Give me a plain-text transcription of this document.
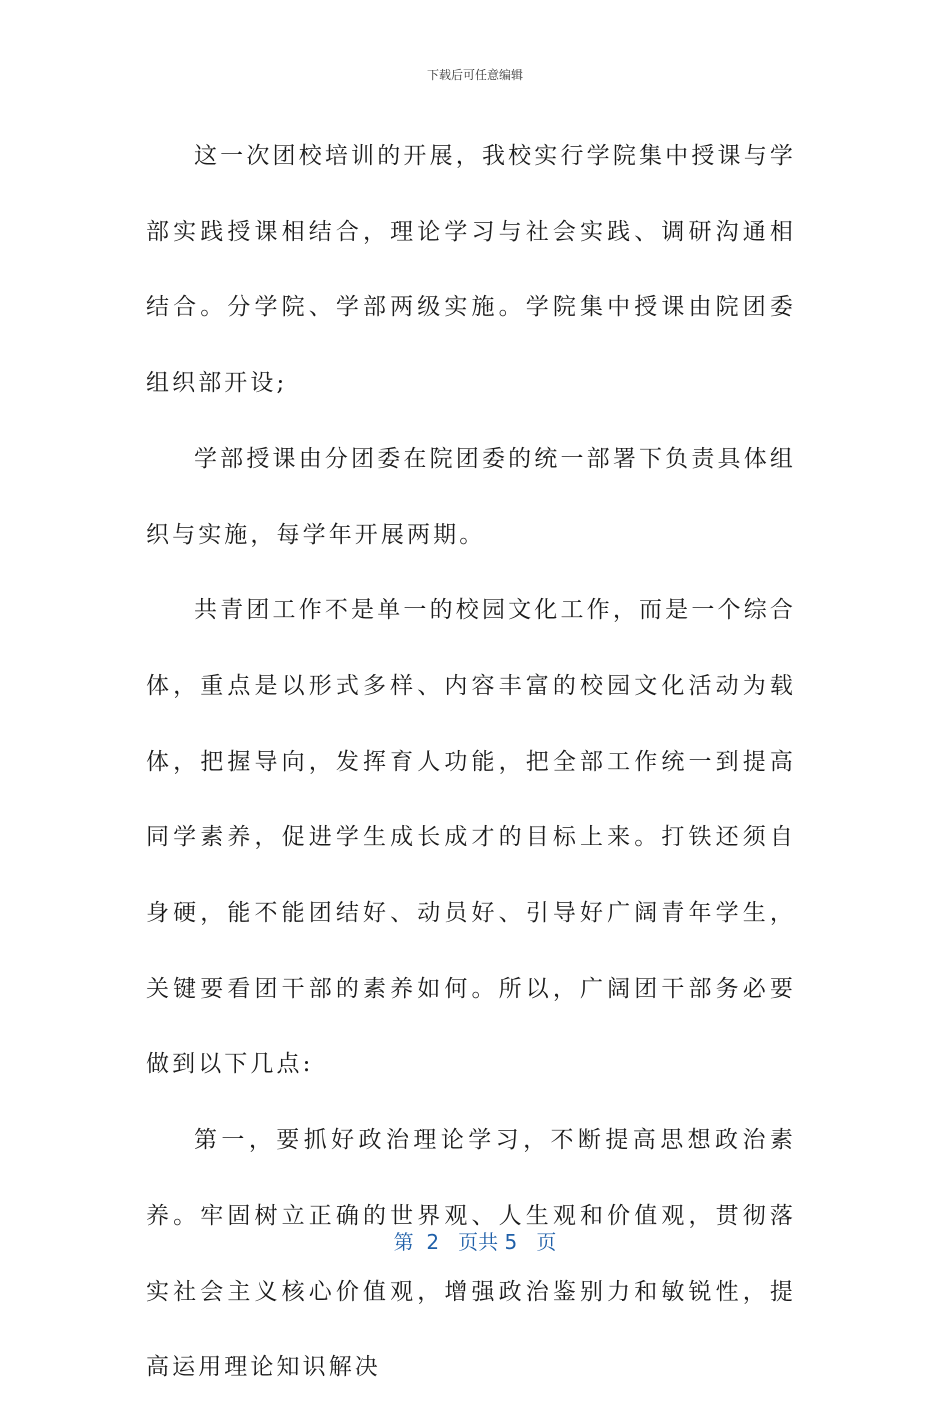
下载后可任意编辑

这一次团校培训的开展，我校实行学院集中授课与学部实践授课相结合，理论学习与社会实践、调研沟通相结合。分学院、学部两级实施。学院集中授课由院团委组织部开设;

学部授课由分团委在院团委的统一部署下负责具体组织与实施，每学年开展两期。

共青团工作不是单一的校园文化工作，而是一个综合体，重点是以形式多样、内容丰富的校园文化活动为载体，把握导向，发挥育人功能，把全部工作统一到提高同学素养，促进学生成长成才的目标上来。打铁还须自身硬，能不能团结好、动员好、引导好广阔青年学生，关键要看团干部的素养如何。所以，广阔团干部务必要做到以下几点:

第一，要抓好政治理论学习，不断提高思想政治素养。牢固树立正确的世界观、人生观和价值观，贯彻落实社会主义核心价值观，增强政治鉴别力和敏锐性，提高运用理论知识解决

第 2 页共 5 页
